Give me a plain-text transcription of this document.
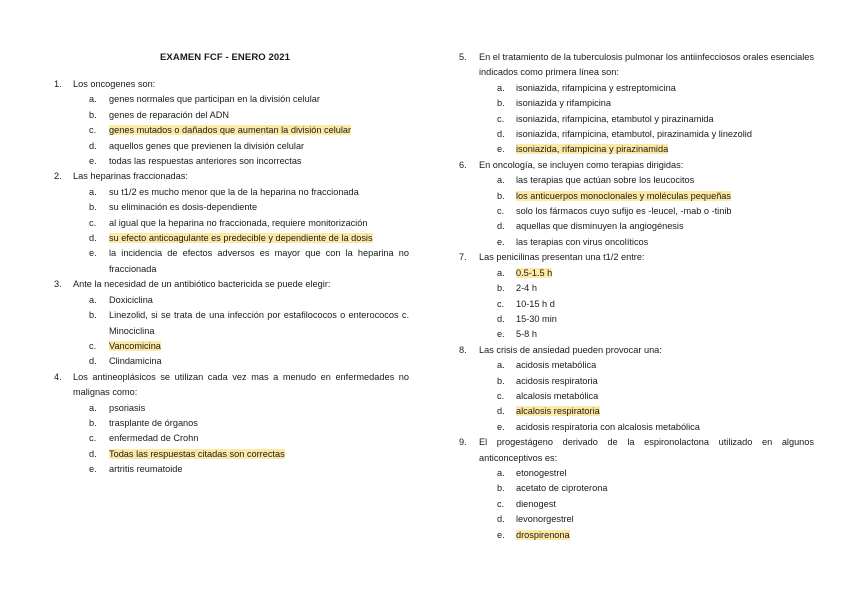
EXAMEN FCF - ENERO 2021
1. Los oncogenes son:
a. genes normales que participan en la división celular
b. genes de reparación del ADN
c. genes mutados o dañados que aumentan la división celular
d. aquellos genes que previenen la división celular
e. todas las respuestas anteriores son incorrectas
2. Las heparinas fraccionadas:
a. su t1/2 es mucho menor que la de la heparina no fraccionada
b. su eliminación es dosis-dependiente
c. al igual que la heparina no fraccionada, requiere monitorización
d. su efecto anticoagulante es predecible y dependiente de la dosis
e. la incidencia de efectos adversos es mayor que con la heparina no fraccionada
3. Ante la necesidad de un antibiótico bactericida se puede elegir:
a. Doxiciclina
b. Linezolid, si se trata de una infección por estafilococos o enterococos c. Minociclina
c. Vancomicina
d. Clindamicina
4. Los antineoplásicos se utilizan cada vez mas a menudo en enfermedades no malignas como:
a. psoriasis
b. trasplante de órganos
c. enfermedad de Crohn
d. Todas las respuestas citadas son correctas
e. artritis reumatoide
5. En el tratamiento de la tuberculosis pulmonar los antiinfecciosos orales esenciales indicados como primera línea son:
a. isoniazida, rifampicina y estreptomicina
b. isoniazida y rifampicina
c. isoniazida, rifampicina, etambutol y pirazinamida
d. isoniazida, rifampicina, etambutol, pirazinamida y linezolid
e. isoniazida, rifampicina y pirazinamida
6. En oncología, se incluyen como terapias dirigidas:
a. las terapias que actúan sobre los leucocitos
b. los anticuerpos monoclonales y moléculas pequeñas
c. solo los fármacos cuyo sufijo es -leucel, -mab o -tinib
d. aquellas que disminuyen la angiogénesis
e. las terapias con virus oncolíticos
7. Las penicilinas presentan una t1/2 entre:
a. 0.5-1.5 h
b. 2-4 h
c. 10-15 h d
d. 15-30 min
e. 5-8 h
8. Las crisis de ansiedad pueden provocar una:
a. acidosis metabólica
b. acidosis respiratoria
c. alcalosis metabólica
d. alcalosis respiratoria
e. acidosis respiratoria con alcalosis metabólica
9. El progestágeno derivado de la espironolactona utilizado en algunos anticonceptivos es:
a. etonogestrel
b. acetato de ciproterona
c. dienogest
d. levonorgestrel
e. drospirenona
